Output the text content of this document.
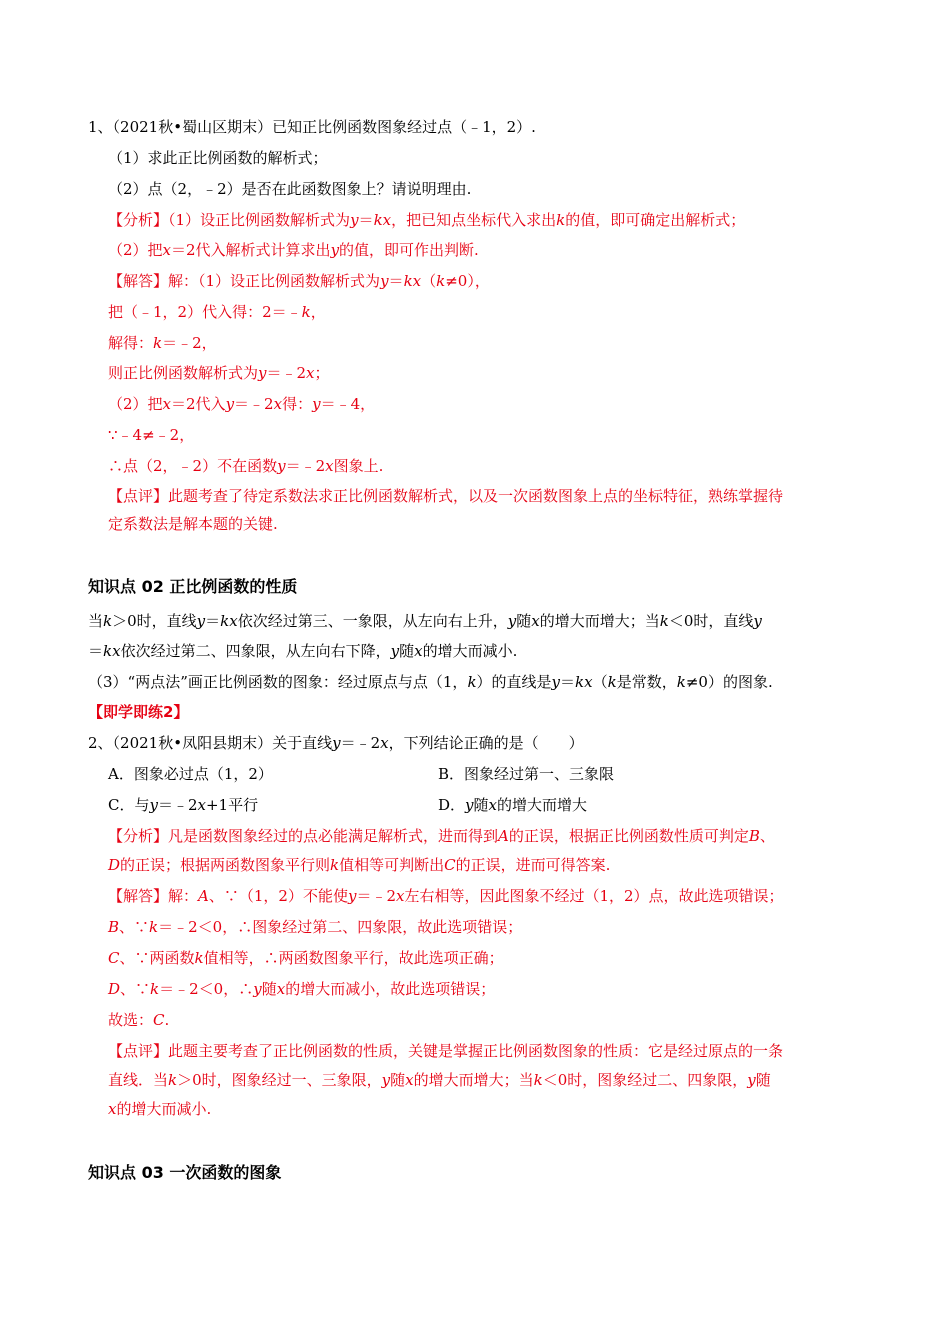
1、（2021秋•蜀山区期末）已知正比例函数图象经过点（﹣1，2）.
（1）求此正比例函数的解析式；
（2）点（2，﹣2）是否在此函数图象上？请说明理由.
【分析】（1）设正比例函数解析式为y＝kx，把已知点坐标代入求出k的值，即可确定出解析式；
（2）把x＝2代入解析式计算求出y的值，即可作出判断.
【解答】解：（1）设正比例函数解析式为y＝kx（k≠0），
把（﹣1，2）代入得：2＝﹣k，
解得：k＝﹣2，
则正比例函数解析式为y＝﹣2x；
（2）把x＝2代入y＝﹣2x得：y＝﹣4，
∵﹣4≠﹣2，
∴点（2，﹣2）不在函数y＝﹣2x图象上.
【点评】此题考查了待定系数法求正比例函数解析式，以及一次函数图象上点的坐标特征，熟练掌握待
定系数法是解本题的关键.
知识点 02 正比例函数的性质
当k＞0时，直线y＝kx依次经过第三、一象限，从左向右上升，y随x的增大而增大；当k＜0时，直线y
＝kx依次经过第二、四象限，从左向右下降，y随x的增大而减小.
（3）“两点法”画正比例函数的图象：经过原点与点（1，k）的直线是y＝kx（k是常数，k≠0）的图象.
【即学即练2】
2、（2021秋•凤阳县期末）关于直线y＝﹣2x，下列结论正确的是（　　）
A．图象必过点（1，2）	B．图象经过第一、三象限
C．与y＝﹣2x+1平行	D．y随x的增大而增大
【分析】凡是函数图象经过的点必能满足解析式，进而得到A的正误，根据正比例函数性质可判定B、
D的正误；根据两函数图象平行则k值相等可判断出C的正误，进而可得答案.
【解答】解：A、∵（1，2）不能使y＝﹣2x左右相等，因此图象不经过（1，2）点，故此选项错误；
B、∵k＝﹣2＜0，∴图象经过第二、四象限，故此选项错误；
C、∵两函数k值相等，∴两函数图象平行，故此选项正确；
D、∵k＝﹣2＜0，∴y随x的增大而减小，故此选项错误；
故选：C.
【点评】此题主要考查了正比例函数的性质，关键是掌握正比例函数图象的性质：它是经过原点的一条
直线．当k＞0时，图象经过一、三象限，y随x的增大而增大；当k＜0时，图象经过二、四象限，y随
x的增大而减小.
知识点 03 一次函数的图象
